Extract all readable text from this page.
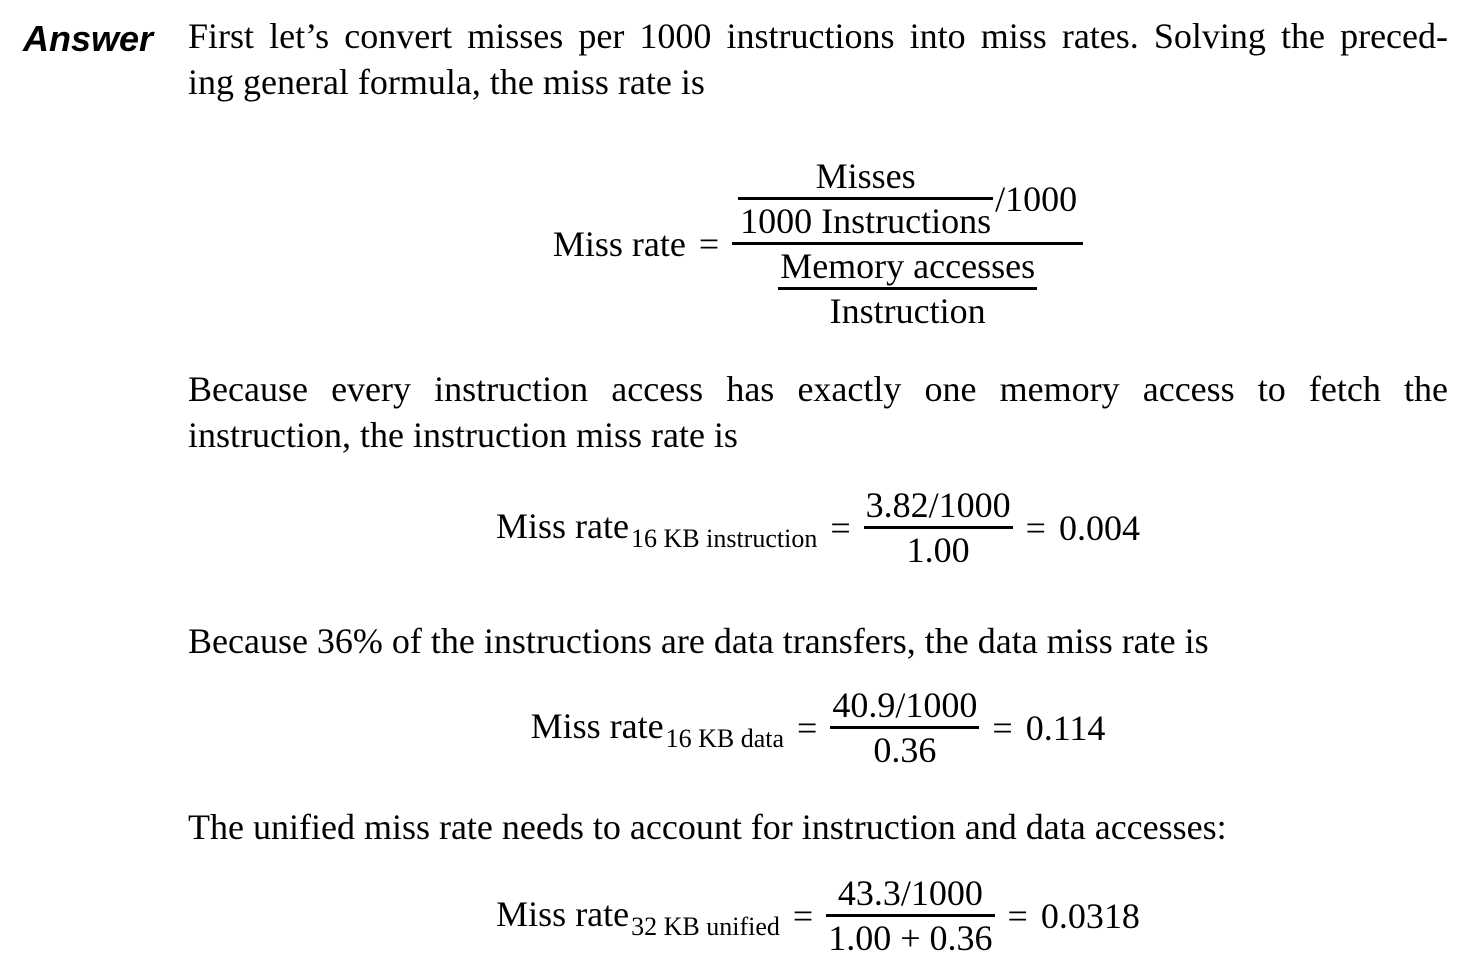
Answer First let’s convert misses per 1000 instructions into miss rates. Solving the preced-
ing general formula, the miss rate is
Miss rate =
$\frac{\text{Misses}}{\text{1000 Instructions}} /1000$
$\frac{\text{Memory accesses}}{\text{Instruction}}$
Because every instruction access has exactly one memory access to fetch the
instruction, the instruction miss rate is
Miss rate$_{16 KB instruction}$ = $\frac{3.82/1000}{1.00} = 0.004$
Because 36% of the instructions are data transfers, the data miss rate is
Miss rate$_{16 KB data}$ = $\frac{40.9/1000}{0.36} = 0.114$
The unified miss rate needs to account for instruction and data accesses:
Miss rate$_{32 KB unified}$ = $\frac{43.3/1000}{1.00 + 0.36} = 0.0318$
